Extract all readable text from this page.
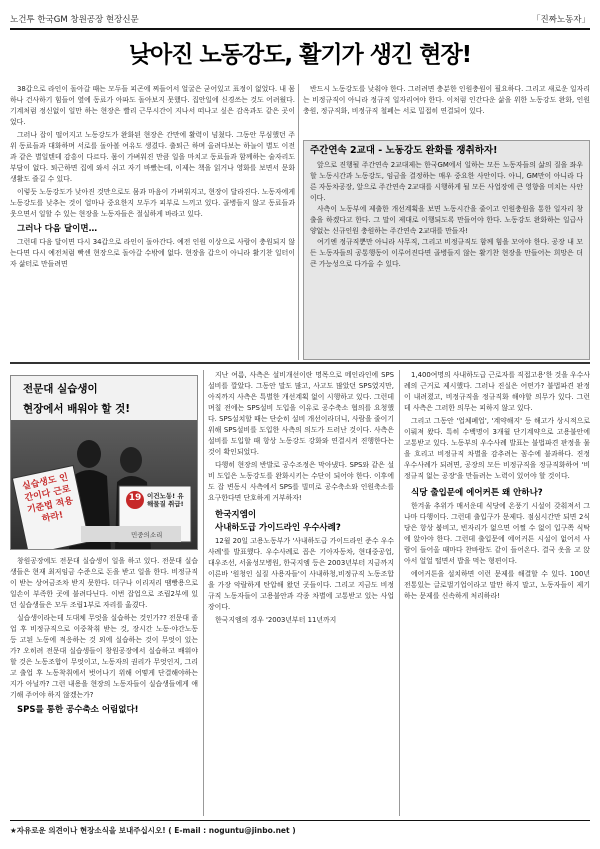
노건투 한국GM 창원공장 현장신문	「진짜노동자」
낮아진 노동강도, 활기가 생긴 현장!

38갑으로 라인이 돌아갈 때는 모두들 피곤에 찌들어서 얼굴은 굳어있고 표정이 없었다. 내 몸 하나 건사하기 힘들어 옆에 동료가 아파도 돌아보지 못했다. 집안일에 신경쓰는 것도 어려웠다. 기계처럼 정신없이 일만 하는 현장은 빨리 근무시간이 지나서 떠나고 싶은 감옥과도 같은 곳이었다.

그러나 잡이 떨어지고 노동강도가 완화된 현장은 간만에 활력이 넘쳤다. 그동안 무심했던 주위 동료들과 대화하며 서로를 돌아볼 여유도 생겼다. 출퇴근 하며 올려다보는 하늘이 별도 이전과 같은 별일텐데 감흥이 다르다. 몸이 가벼워진 만큼 일을 마치고 동료들과 함께하는 술자리도 부담이 없다. 퇴근하면 집에 와서 쉬고 자기 바빴는데, 이제는 책을 읽거나 영화를 보면서 문화생활도 즐길 수 있다.

이렇듯 노동강도가 낮아진 것만으로도 몸과 마음이 가벼워지고, 현장이 달라진다. 노동자에게 노동강도를 낮추는 것이 얼마나 중요한지 모두가 피부로 느끼고 있다. 골병들지 않고 동료들과 웃으면서 일할 수 있는 현장을 노동자들은 절실하게 바라고 있다.

그러나 다음 달이면…

그런데 다음 달이면 다시 34갑으로 라인이 돌아간다. 예전 인원 이상으로 사람이 충원되지 않는다면 다시 예전처럼 빡센 현장으로 돌아갈 수밖에 없다. 현장을 갑으이 아니라 활기찬 일터이자 삶터로 만들려면

반드시 노동강도를 낮춰야 한다. 그러려면 충분한 인원충원이 필요하다. 그리고 새로운 일자리는 비정규직이 아니라 정규직 일자리여야 한다. 이처럼 인간다운 삶을 위한 노동강도 완화, 인원충원, 정규직화, 비정규직 철폐는 서로 밀접히 연결되어 있다.

주간연속 2교대 - 노동강도 완화를 쟁취하자!

앞으로 진행될 주간연속 2교대제는 한국GM에서 일하는 모든 노동자들의 삶의 질을 좌우할 노동시간과 노동강도, 임금을 결정하는 매우 중요한 사안이다. 아니, GM만이 아니라 다른 자동차공장, 앞으로 주간연속 2교대를 시행하게 될 모든 사업장에 큰 영향을 미치는 사안이다.

사측이 노동부에 제출한 개선계획을 보면 노동시간을 줄이고 인원충원을 통한 일자리 창출을 하겠다고 한다. 그 말이 제대로 이행되도록 만들어야 한다. 노동강도 완화하는 일급사양없는 신규인원 충원하는 주간연속 2교대를 만들자!

여기엔 정규직뿐만 아니라 사무직, 그리고 비정규직도 함께 힘을 모아야 한다. 공장 내 모든 노동자들의 공통행동이 이루어진다면 골병들지 않는 활기찬 현장을 만들어는 희망은 더 큰 가능성으로 다가올 수 있다.

전문대 실습생이
현장에서 배워야 할 것!
실습생도 인간이다 근로기준법 적용하라!
19 이건노동! 유해물질 취급!
민중의소리

창원공장에도 전문대 실습생이 일을 하고 있다. 전문대 실습생들은 현재 최저임금 수준으로 돈을 받고 일을 한다. 비정규직이 받는 상여금조차 받지 못한다. 더구나 이리저리 땜빵용으로 일손이 부족한 곳에 불려다닌다. 이번 잡업으로 조립2부에 있던 실습생들은 모두 조립1부로 자리를 옮겼다.

실습생이라는데 도대체 무엇을 실습하는 것인가?? 전문대 졸업 후 비정규직으로 이중착취 받는 것, 장시간 노동·야간노동 등 고된 노동에 적응하는 것 외에 실습하는 것이 무엇이 있는가? 오히려 전문대 실습생들이 창원공장에서 실습하고 배워야 할 것은 노동조합이 무엇이고, 노동자의 권리가 무엇인지, 그리고 출업 후 노동착취에서 벗어나기 위해 어떻게 단결해야하는지가 아닐까? 그런 내용을 현장의 노동자들이 실습생들에게 얘기해 주어야 하지 않겠는가?

SPS를 통한 공수축소 어림없다!

지난 여름, 사측은 설비개선이란 명목으로 메인라인에 SPS설비를 깔았다. 그동안 말도 많고, 사고도 많았던 SPS였지만, 아직까지 사측은 특별한 개선계획 없이 시행하고 있다. 그런데 며칠 전에는 SPS설비 도입을 이유로 공수축소 협의를 요청했다. SPS설치할 때는 단순히 설비 개선이라더니, 사람을 줄이기 위해 SPS설비를 도입한 사측의 의도가 드러난 것이다. 사측은 설비를 도입할 때 항상 노동강도 강화와 연결시켜 진행한다는 것이 확인되었다.

다행히 현장의 반발로 공수조정은 막아냈다. SPS와 같은 설비 도입은 노동강도를 완화시키는 수단이 되어야 한다. 이후에도 잡 변동시 사측에서 SPS를 빌미로 공수축소와 인원축소를 요구한다면 단호하게 거부하자!

한국지엠이

사내하도급 가이드라인 우수사례?

12월 20일 고용노동부가 '사내하도급 가이드라인 준수 우수사례'를 발표했다. 우수사례로 꼽은 기아자동차, 현대중공업, 대우조선, 서울성모병원, 한국지엠 등은 2003년부터 지금까지 이른바 '원청인 실질 사용자들'이 사내하청,비정규직 노동조합을 가장 악랄하게 탄압해 왔던 곳들이다. 그리고 지금도 비정규직 노동자들이 고용불안과 각종 차별에 고통받고 있는 사업장이다.

한국지엠의 경우 '2003년부터 11년까지

1,400여명의 사내하도급 근로자를 직접고용'한 것을 우수사례의 근거로 제시했다. 그러나 진실은 어떤가? 불법파견 판정이 내려졌고, 비정규직을 정규직화 해야할 의무가 있다. 그런데 사측은 그러한 의무는 피하지 않고 있다.

그리고 그동안 '업체폐업', '계약해지' 등 해고가 상시적으로 이뤄져 왔다. 특히 수백명이 3개월 단기계약으로 고용불안에 고통받고 있다. 노동부의 우수사례 발표는 불법파견 판정을 물을 흐리고 비정규직 차별을 감추려는 꼼수에 불과하다. 진정 우수사례가 되려면, 공장의 모든 비정규직을 정규직화하여 '비정규직 없는 공장'을 만들려는 노력이 있어야 할 것이다.

식당 출입문에 에어커튼 왜 안하나?

한겨울 추위가 매서운데 식당에 온풍기 시설이 갖춰져서 그나마 다행이다. 그런데 출입구가 문제다. 점심시간만 되면 2식당은 항상 붐비고, 빈자리가 없으면 어쩔 수 없이 입구쪽 식탁에 앉아야 한다. 그런데 출입문에 에어커튼 시설이 없어서 사람이 들어올 때마다 찬바람도 같이 들어온다. 결국 옷을 고 앉아서 얼얼 떨면서 밥을 먹는 형편이다.

에어커튼을 설치하면 이런 문제를 해결할 수 있다. 100년 전통있는 글로벌기업이라고 말만 하지 말고, 노동자들이 제기하는 문제를 신속하게 처리하라!

★자유로운 의견이나 현장소식을 보내주십시오! ( E-mail : noguntu@jinbo.net )
